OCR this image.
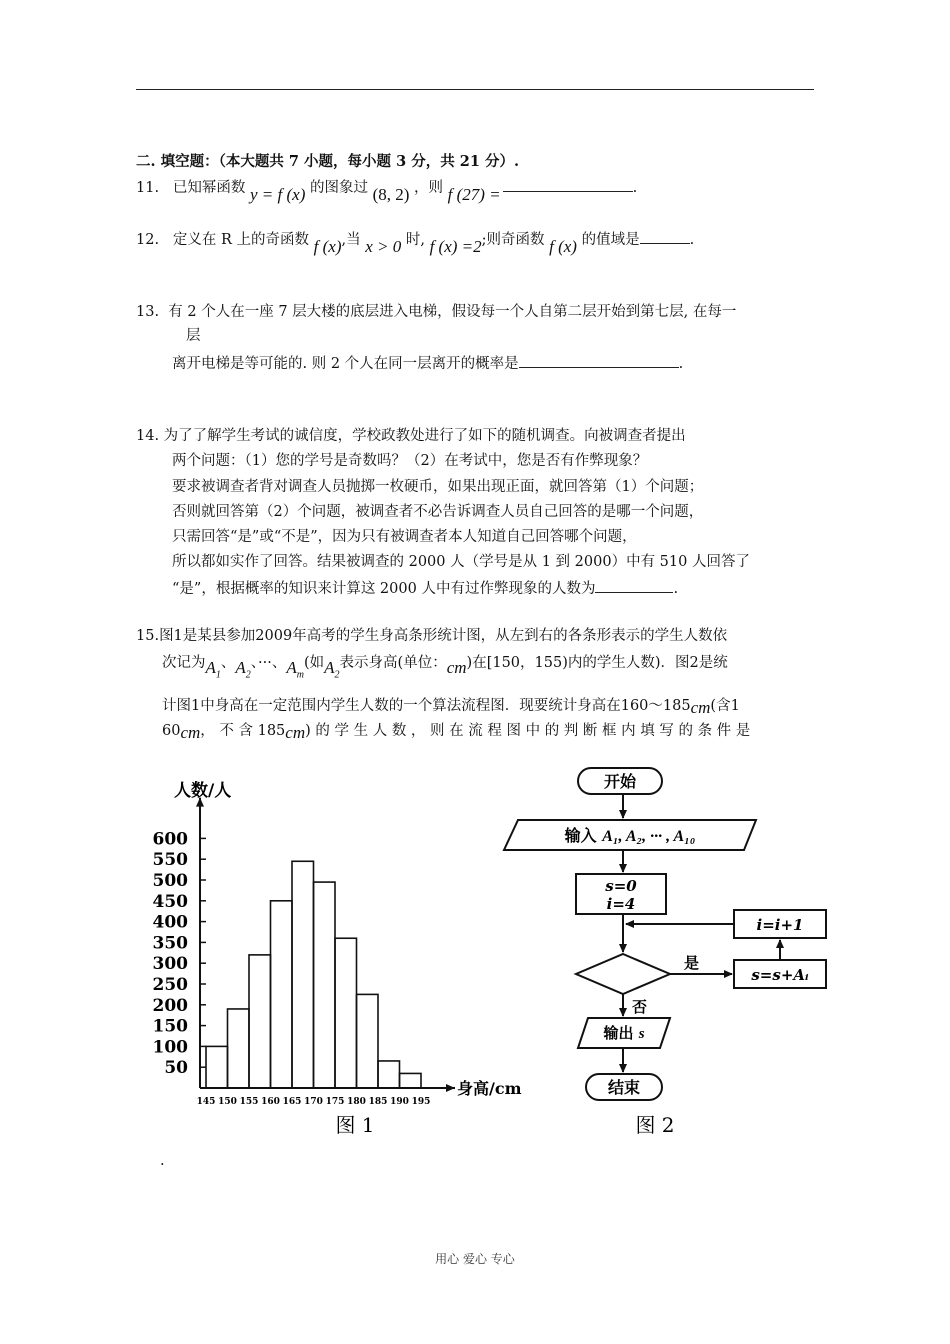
二. 填空题：（本大题共 7 小题，每小题 3 分，共 21 分）.
11. 已知幂函数 y = f (x) 的图象过 (8, 2) ，则 f (27) =	.
12. 定义在 R 上的奇函数 f (x),当 x > 0 时, f (x) =2;则奇函数 f (x) 的值域是	.
13. 有 2 个人在一座 7 层大楼的底层进入电梯，假设每一个人自第二层开始到第七层, 在每一
层
离开电梯是等可能的. 则 2 个人在同一层离开的概率是	.
14. 为了了解学生考试的诚信度，学校政教处进行了如下的随机调查。向被调查者提出
两个问题：（1）您的学号是奇数吗？（2）在考试中，您是否有作弊现象？
要求被调查者背对调查人员抛掷一枚硬币，如果出现正面，就回答第（1）个问题；
否则就回答第（2）个问题，被调查者不必告诉调查人员自己回答的是哪一个问题，
只需回答“是”或“不是”，因为只有被调查者本人知道自己回答哪个问题，
所以都如实作了回答。结果被调查的 2000 人（学号是从 1 到 2000）中有 510 人回答了
“是”，根据概率的知识来计算这 2000 人中有过作弊现象的人数为	.
15.图1是某县参加2009年高考的学生身高条形统计图，从左到右的各条形表示的学生人数依
次记为$A_1$、$A_2$、···、$A_m$(如$A_2$表示身高(单位：cm)在[150，155)内的学生人数)．图2是统
计图1中身高在一定范围内学生人数的一个算法流程图．现要统计身高在160～185cm(含1
60cm， 不 含 185cm) 的 学 生 人 数 ， 则 在 流 程 图 中 的 判 断 框 内 填 写 的 条 件 是
600
550
500
450
400
350
300
250
200
150
100
50
145 150 155 160 165 170 175 180 185 190 195
人数/人
身高/cm
图 1
开始
输入 A₁, A₂, ··· , A₁₀
s=0
i=4
是
s=s+Aᵢ
i=i+1
否
输出 s
结束
图 2
.
用心 爱心 专心
